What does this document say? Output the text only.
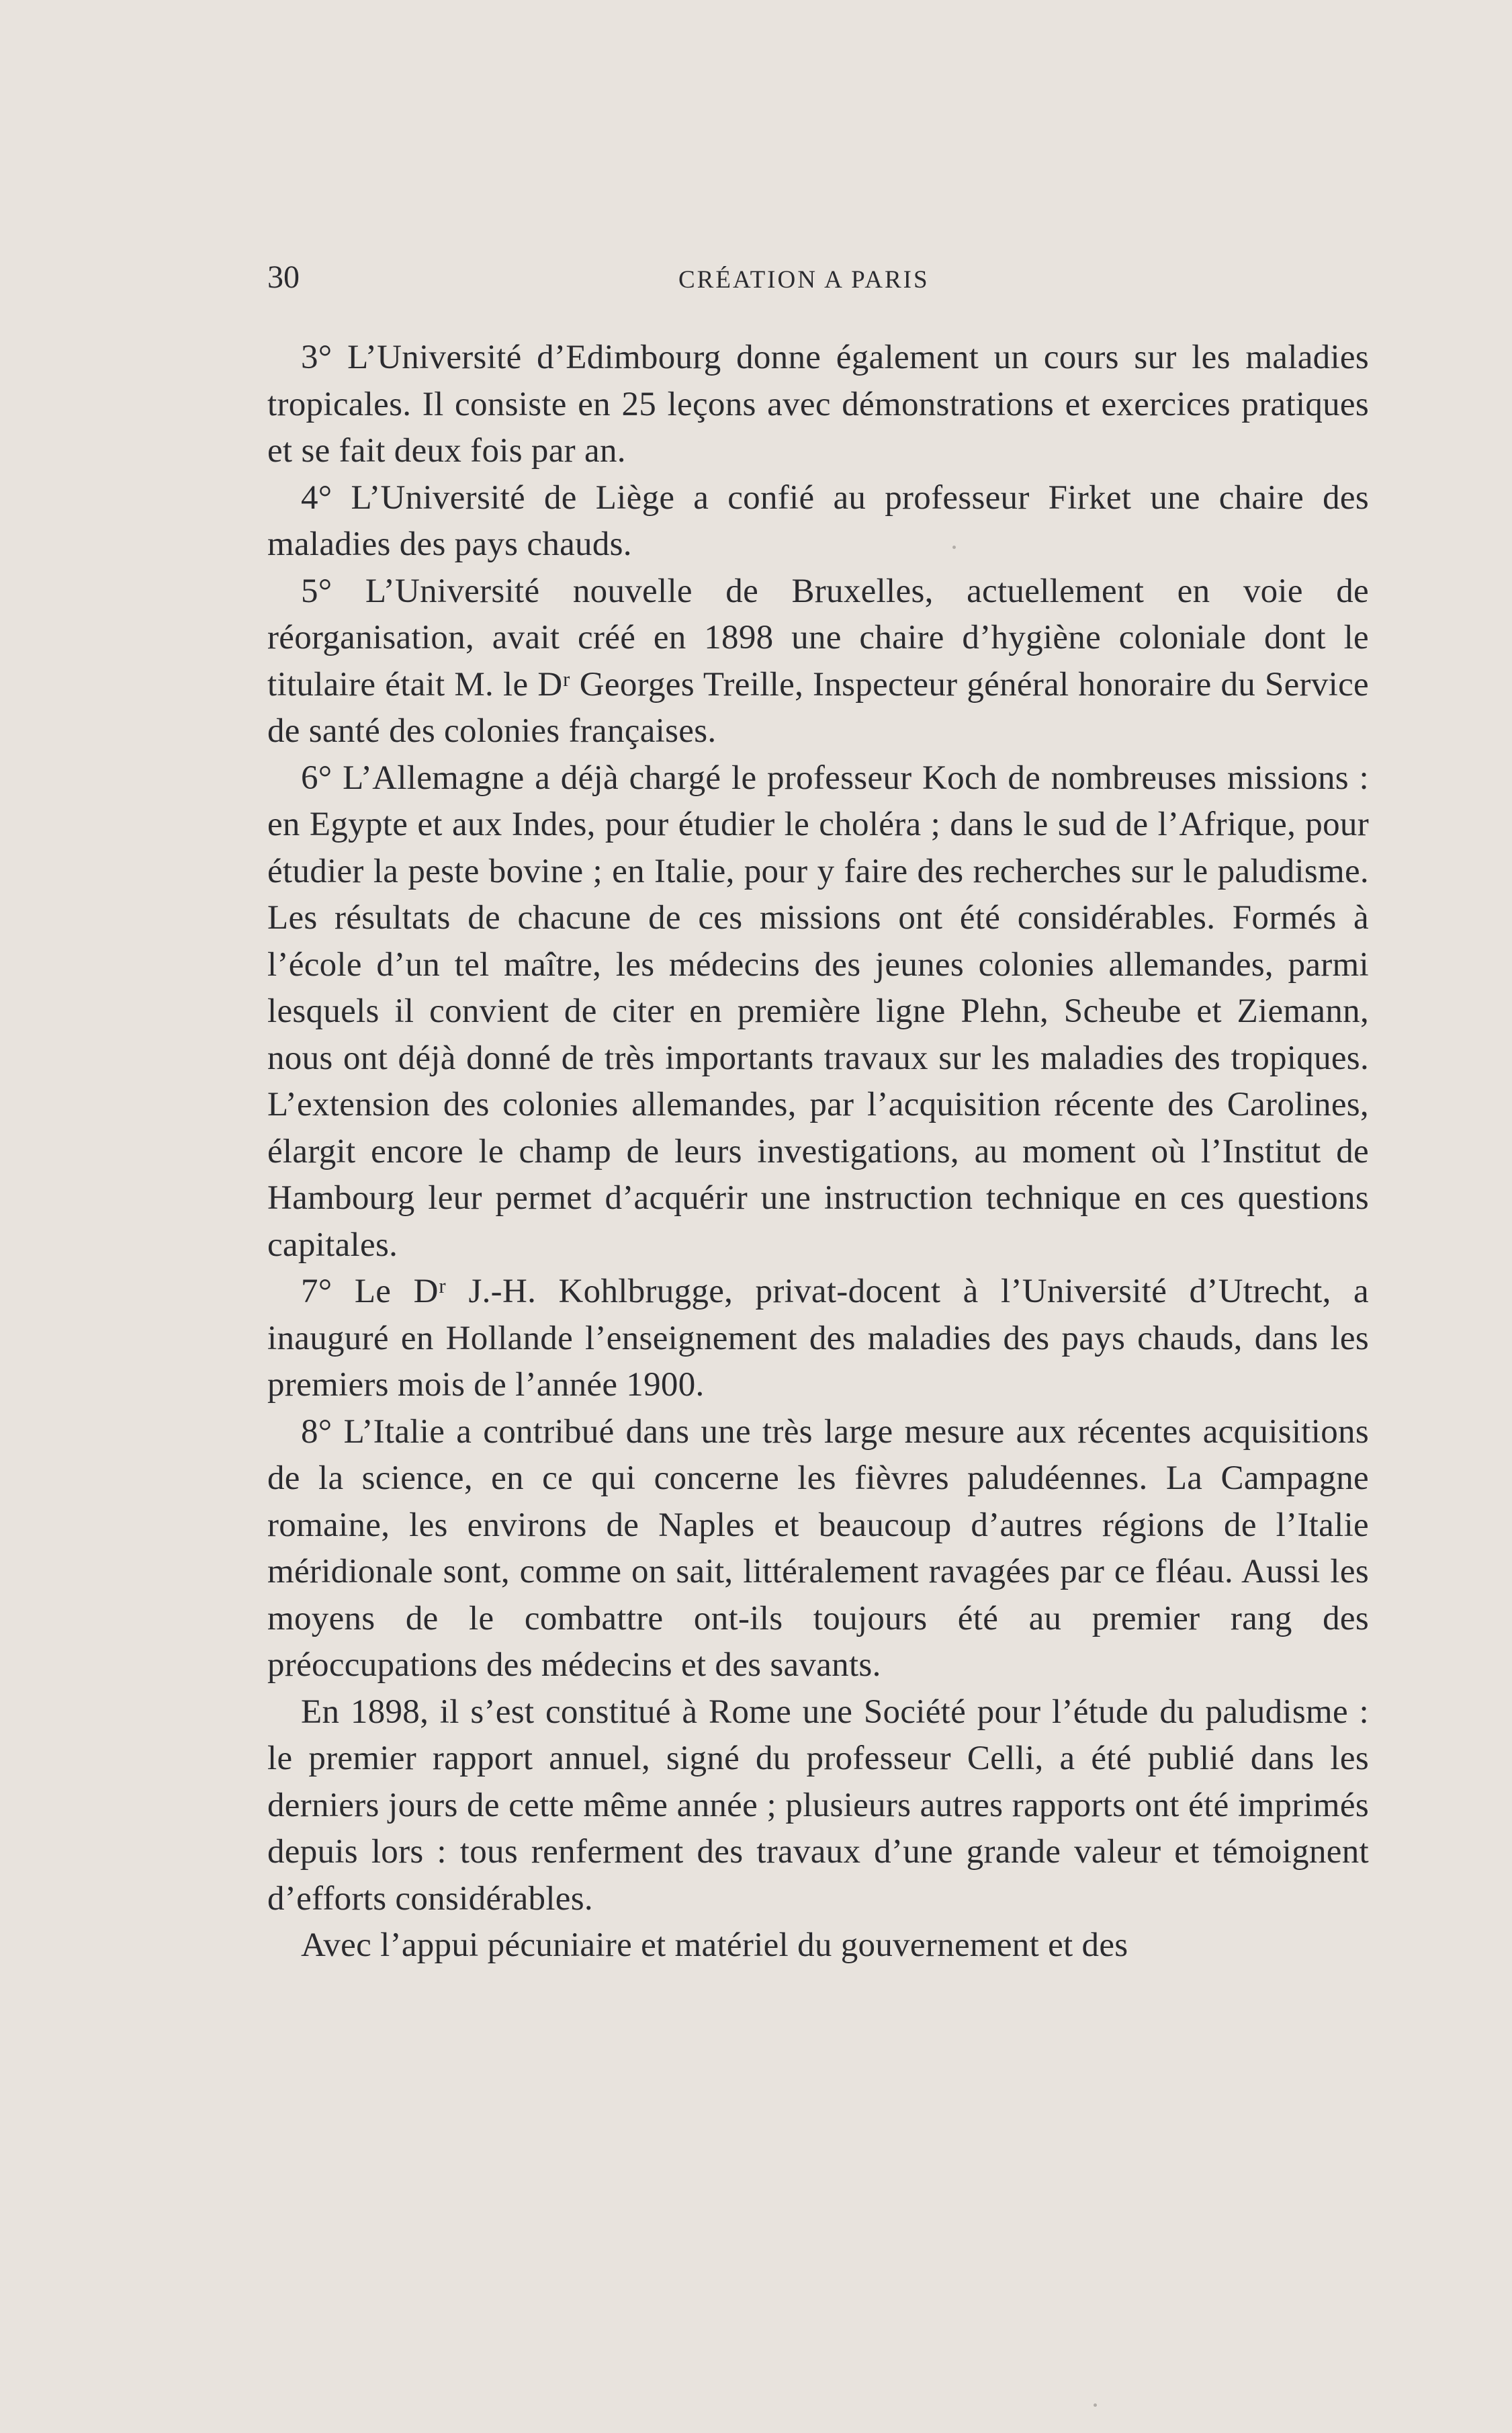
30	CRÉATION A PARIS

3° L’Université d’Edimbourg donne également un cours sur les maladies tropicales. Il consiste en 25 leçons avec démonstrations et exercices pratiques et se fait deux fois par an.

4° L’Université de Liège a confié au professeur Firket une chaire des maladies des pays chauds.

5° L’Université nouvelle de Bruxelles, actuellement en voie de réorganisation, avait créé en 1898 une chaire d’hygiène coloniale dont le titulaire était M. le Dʳ Georges Treille, Inspecteur général honoraire du Service de santé des colonies françaises.

6° L’Allemagne a déjà chargé le professeur Koch de nombreuses missions : en Egypte et aux Indes, pour étudier le choléra ; dans le sud de l’Afrique, pour étudier la peste bovine ; en Italie, pour y faire des recherches sur le paludisme. Les résultats de chacune de ces missions ont été considérables. Formés à l’école d’un tel maître, les médecins des jeunes colonies allemandes, parmi lesquels il convient de citer en première ligne Plehn, Scheube et Ziemann, nous ont déjà donné de très importants travaux sur les maladies des tropiques. L’extension des colonies allemandes, par l’acquisition récente des Carolines, élargit encore le champ de leurs investigations, au moment où l’Institut de Hambourg leur permet d’acquérir une instruction technique en ces questions capitales.

7° Le Dʳ J.-H. Kohlbrugge, privat-docent à l’Université d’Utrecht, a inauguré en Hollande l’enseignement des maladies des pays chauds, dans les premiers mois de l’année 1900.

8° L’Italie a contribué dans une très large mesure aux récentes acquisitions de la science, en ce qui concerne les fièvres paludéennes. La Campagne romaine, les environs de Naples et beaucoup d’autres régions de l’Italie méridionale sont, comme on sait, littéralement ravagées par ce fléau. Aussi les moyens de le combattre ont-ils toujours été au premier rang des préoccupations des médecins et des savants.

En 1898, il s’est constitué à Rome une Société pour l’étude du paludisme : le premier rapport annuel, signé du professeur Celli, a été publié dans les derniers jours de cette même année ; plusieurs autres rapports ont été imprimés depuis lors : tous renferment des travaux d’une grande valeur et témoignent d’efforts considérables.

Avec l’appui pécuniaire et matériel du gouvernement et des
